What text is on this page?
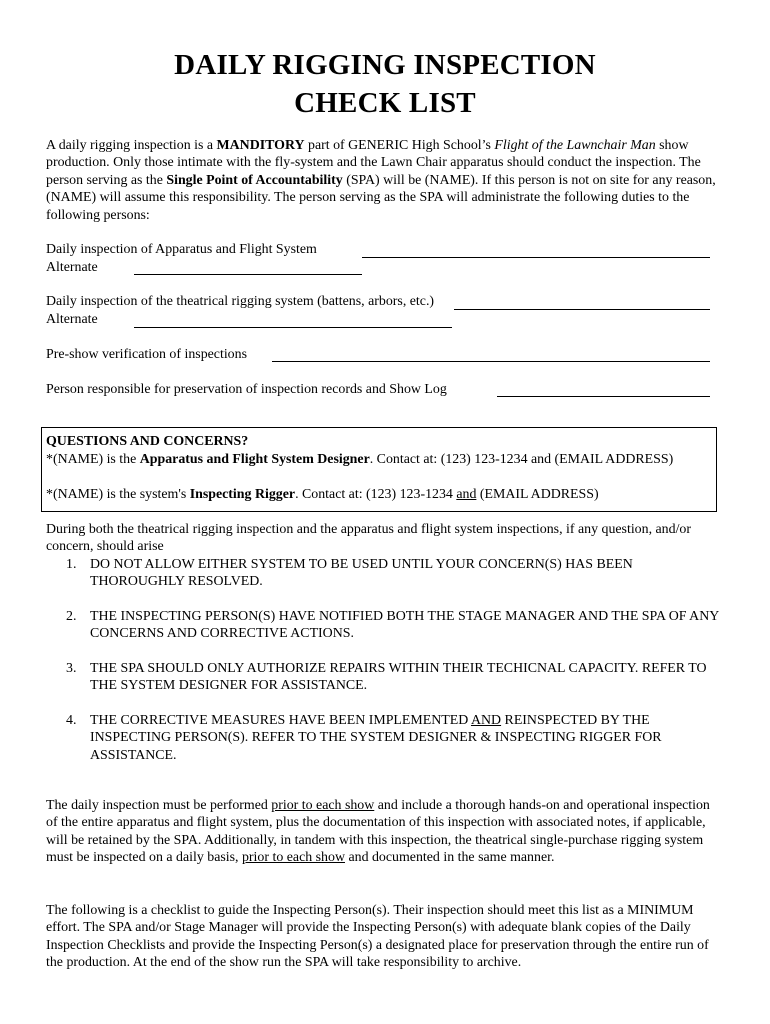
DAILY RIGGING INSPECTION
CHECK LIST
A daily rigging inspection is a MANDITORY part of GENERIC High School’s Flight of the Lawnchair Man show production. Only those intimate with the fly-system and the Lawn Chair apparatus should conduct the inspection. The person serving as the Single Point of Accountability (SPA) will be (NAME). If this person is not on site for any reason, (NAME) will assume this responsibility. The person serving as the SPA will administrate the following duties to the following persons:
Daily inspection of Apparatus and Flight System
Alternate
Daily inspection of the theatrical rigging system (battens, arbors, etc.)
Alternate
Pre-show verification of inspections
Person responsible for preservation of inspection records and Show Log
QUESTIONS AND CONCERNS?
*(NAME) is the Apparatus and Flight System Designer. Contact at: (123) 123-1234 and (EMAIL ADDRESS)
*(NAME) is the system's Inspecting Rigger. Contact at: (123) 123-1234 and (EMAIL ADDRESS)
During both the theatrical rigging inspection and the apparatus and flight system inspections, if any question, and/or concern, should arise
1. DO NOT ALLOW EITHER SYSTEM TO BE USED UNTIL YOUR CONCERN(S) HAS BEEN THOROUGHLY RESOLVED.
2. THE INSPECTING PERSON(S) HAVE NOTIFIED BOTH THE STAGE MANAGER AND THE SPA OF ANY CONCERNS AND CORRECTIVE ACTIONS.
3. THE SPA SHOULD ONLY AUTHORIZE REPAIRS WITHIN THEIR TECHICNAL CAPACITY. REFER TO THE SYSTEM DESIGNER FOR ASSISTANCE.
4. THE CORRECTIVE MEASURES HAVE BEEN IMPLEMENTED AND REINSPECTED BY THE INSPECTING PERSON(S). REFER TO THE SYSTEM DESIGNER & INSPECTING RIGGER FOR ASSISTANCE.
The daily inspection must be performed prior to each show and include a thorough hands-on and operational inspection of the entire apparatus and flight system, plus the documentation of this inspection with associated notes, if applicable, will be retained by the SPA. Additionally, in tandem with this inspection, the theatrical single-purchase rigging system must be inspected on a daily basis, prior to each show and documented in the same manner.
The following is a checklist to guide the Inspecting Person(s). Their inspection should meet this list as a MINIMUM effort. The SPA and/or Stage Manager will provide the Inspecting Person(s) with adequate blank copies of the Daily Inspection Checklists and provide the Inspecting Person(s) a designated place for preservation through the entire run of the production. At the end of the show run the SPA will take responsibility to archive.
